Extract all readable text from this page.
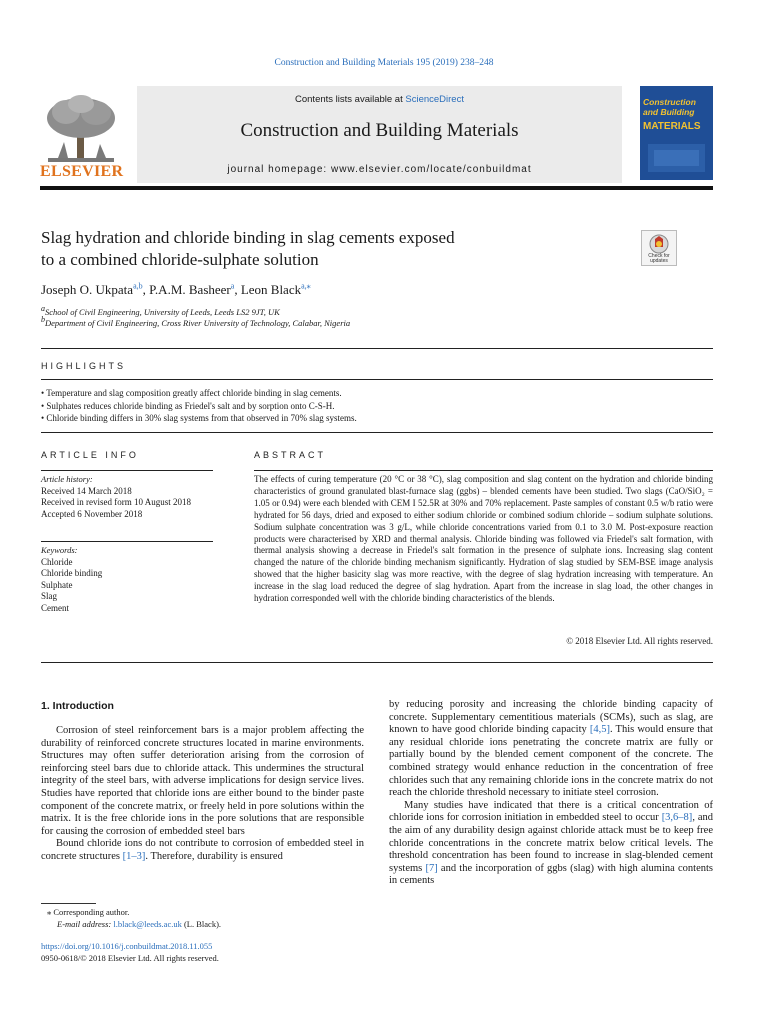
Construction and Building Materials 195 (2019) 238–248
ELSEVIER
Contents lists available at ScienceDirect
Construction and Building Materials
journal homepage: www.elsevier.com/locate/conbuildmat
Construction
and Building
MATERIALS
Slag hydration and chloride binding in slag cements exposed
to a combined chloride-sulphate solution	Check for updates
Joseph O. Ukpata$^{a,b}$, P.A.M. Basheer$^a$, Leon Black$^{a,⁎}$
$^a$School of Civil Engineering, University of Leeds, Leeds LS2 9JT, UK
$^b$Department of Civil Engineering, Cross River University of Technology, Calabar, Nigeria
HIGHLIGHTS
• Temperature and slag composition greatly affect chloride binding in slag cements.
• Sulphates reduces chloride binding as Friedel's salt and by sorption onto C-S-H.
• Chloride binding differs in 30% slag systems from that observed in 70% slag systems.
ARTICLE INFO
Article history:
Received 14 March 2018
Received in revised form 10 August 2018
Accepted 6 November 2018
Keywords:
Chloride
Chloride binding
Sulphate
Slag
Cement
ABSTRACT
The effects of curing temperature (20 °C or 38 °C), slag composition and slag content on the hydration and chloride binding characteristics of ground granulated blast-furnace slag (ggbs) – blended cements have been studied. Two slags (CaO/SiO₂ = 1.05 or 0.94) were each blended with CEM I 52.5R at 30% and 70% replacement. Paste samples of constant 0.5 w/b ratio were hydrated for 56 days, dried and exposed to either sodium chloride or combined sodium chloride – sodium sulphate solutions. Sodium sulphate concentration was 3 g/L, while chloride concentrations varied from 0.1 to 3.0 M. Post-exposure reaction products were characterised by XRD and thermal analysis. Chloride binding was followed via Friedel's salt formation, with thermal analysis showing a decrease in Friedel's salt formation in the presence of sulphate ions. Increasing slag content changed the nature of the chloride binding mechanism significantly. Hydration of slag studied by SEM-BSE image analysis showed that the higher basicity slag was more reactive, with the degree of slag hydration increasing with temperature. An increase in the slag load reduced the degree of slag hydration. Apart from the increase in slag load, the other changes in hydration corresponded well with the chloride binding characteristics of the blends.
© 2018 Elsevier Ltd. All rights reserved.
1. Introduction

Corrosion of steel reinforcement bars is a major problem affecting the durability of reinforced concrete structures located in marine environments. Structures may often suffer deterioration arising from the corrosion of reinforcing steel bars due to chloride attack. This undermines the structural integrity of the steel bars, with adverse implications for design service lives. Studies have reported that chloride ions are either bound to the binder paste component of the concrete matrix, or freely held in pore solutions within the matrix. It is the free chloride ions in the pore solutions that are responsible for causing the corrosion of embedded steel bars

Bound chloride ions do not contribute to corrosion of embedded steel in concrete structures [1–3]. Therefore, durability is ensured

by reducing porosity and increasing the chloride binding capacity of concrete. Supplementary cementitious materials (SCMs), such as slag, are known to have good chloride binding capacity [4,5]. This would ensure that any residual chloride ions penetrating the concrete matrix are fully or partially bound by the blended cement component of the concrete. The combined strategy would enhance reduction in the concentration of free chlorides such that any remaining chloride ions in the concrete matrix do not reach the chloride threshold necessary to initiate steel corrosion.

Many studies have indicated that there is a critical concentration of chloride ions for corrosion initiation in embedded steel to occur [3,6–8], and the aim of any durability design against chloride attack must be to keep free chloride concentrations in the concrete matrix below critical levels. The threshold concentration has been found to increase in slag-blended cement systems [7] and the incorporation of ggbs (slag) with high alumina contents in cements

⁎ Corresponding author.
E-mail address: l.black@leeds.ac.uk (L. Black).
https://doi.org/10.1016/j.conbuildmat.2018.11.055
0950-0618/© 2018 Elsevier Ltd. All rights reserved.
